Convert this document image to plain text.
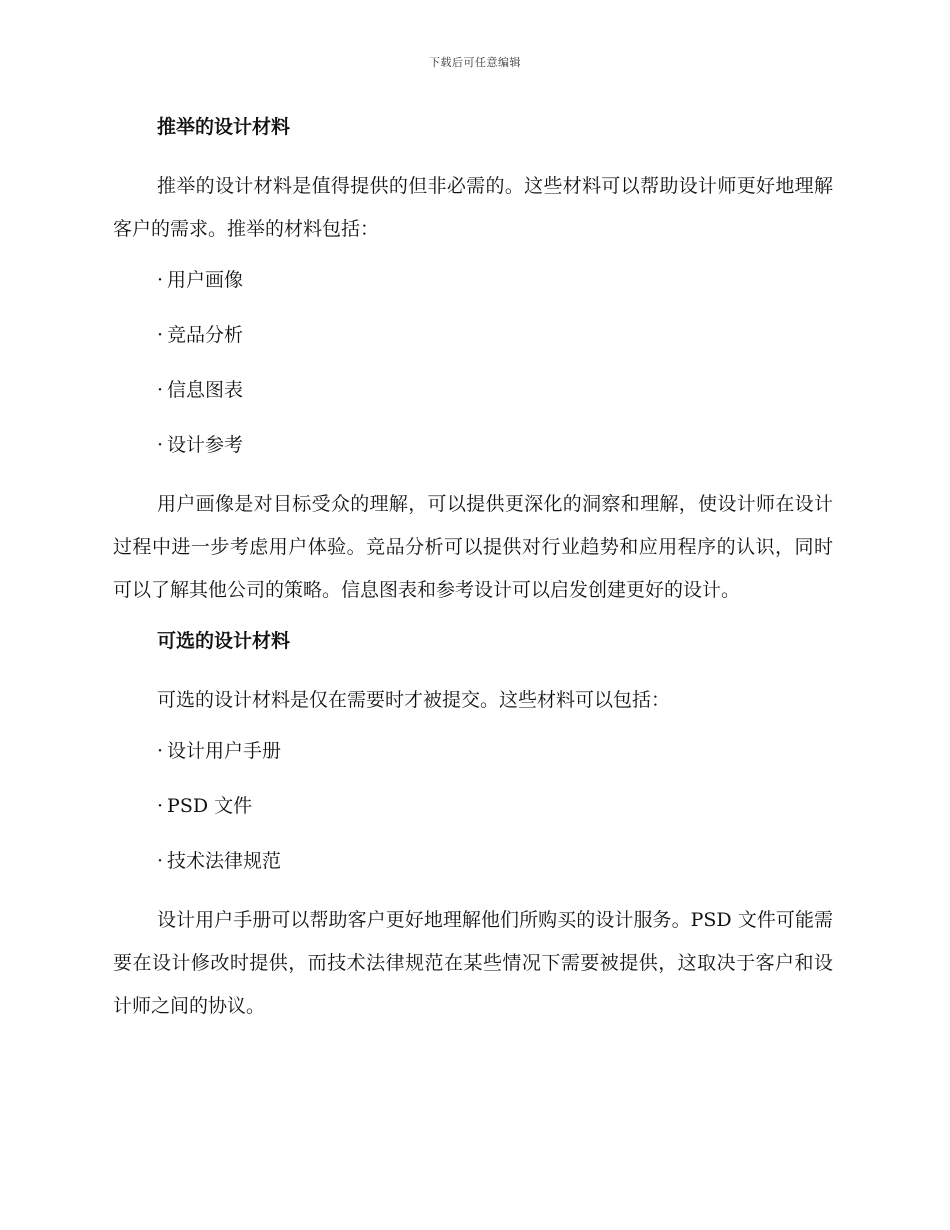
下载后可任意编辑
推举的设计材料

推举的设计材料是值得提供的但非必需的。这些材料可以帮助设计师更好地理解客户的需求。推举的材料包括：

· 用户画像
· 竞品分析
· 信息图表
· 设计参考

用户画像是对目标受众的理解，可以提供更深化的洞察和理解，使设计师在设计过程中进一步考虑用户体验。竞品分析可以提供对行业趋势和应用程序的认识，同时可以了解其他公司的策略。信息图表和参考设计可以启发创建更好的设计。

可选的设计材料

可选的设计材料是仅在需要时才被提交。这些材料可以包括：

· 设计用户手册
· PSD 文件
· 技术法律规范

设计用户手册可以帮助客户更好地理解他们所购买的设计服务。PSD 文件可能需要在设计修改时提供，而技术法律规范在某些情况下需要被提供，这取决于客户和设计师之间的协议。
